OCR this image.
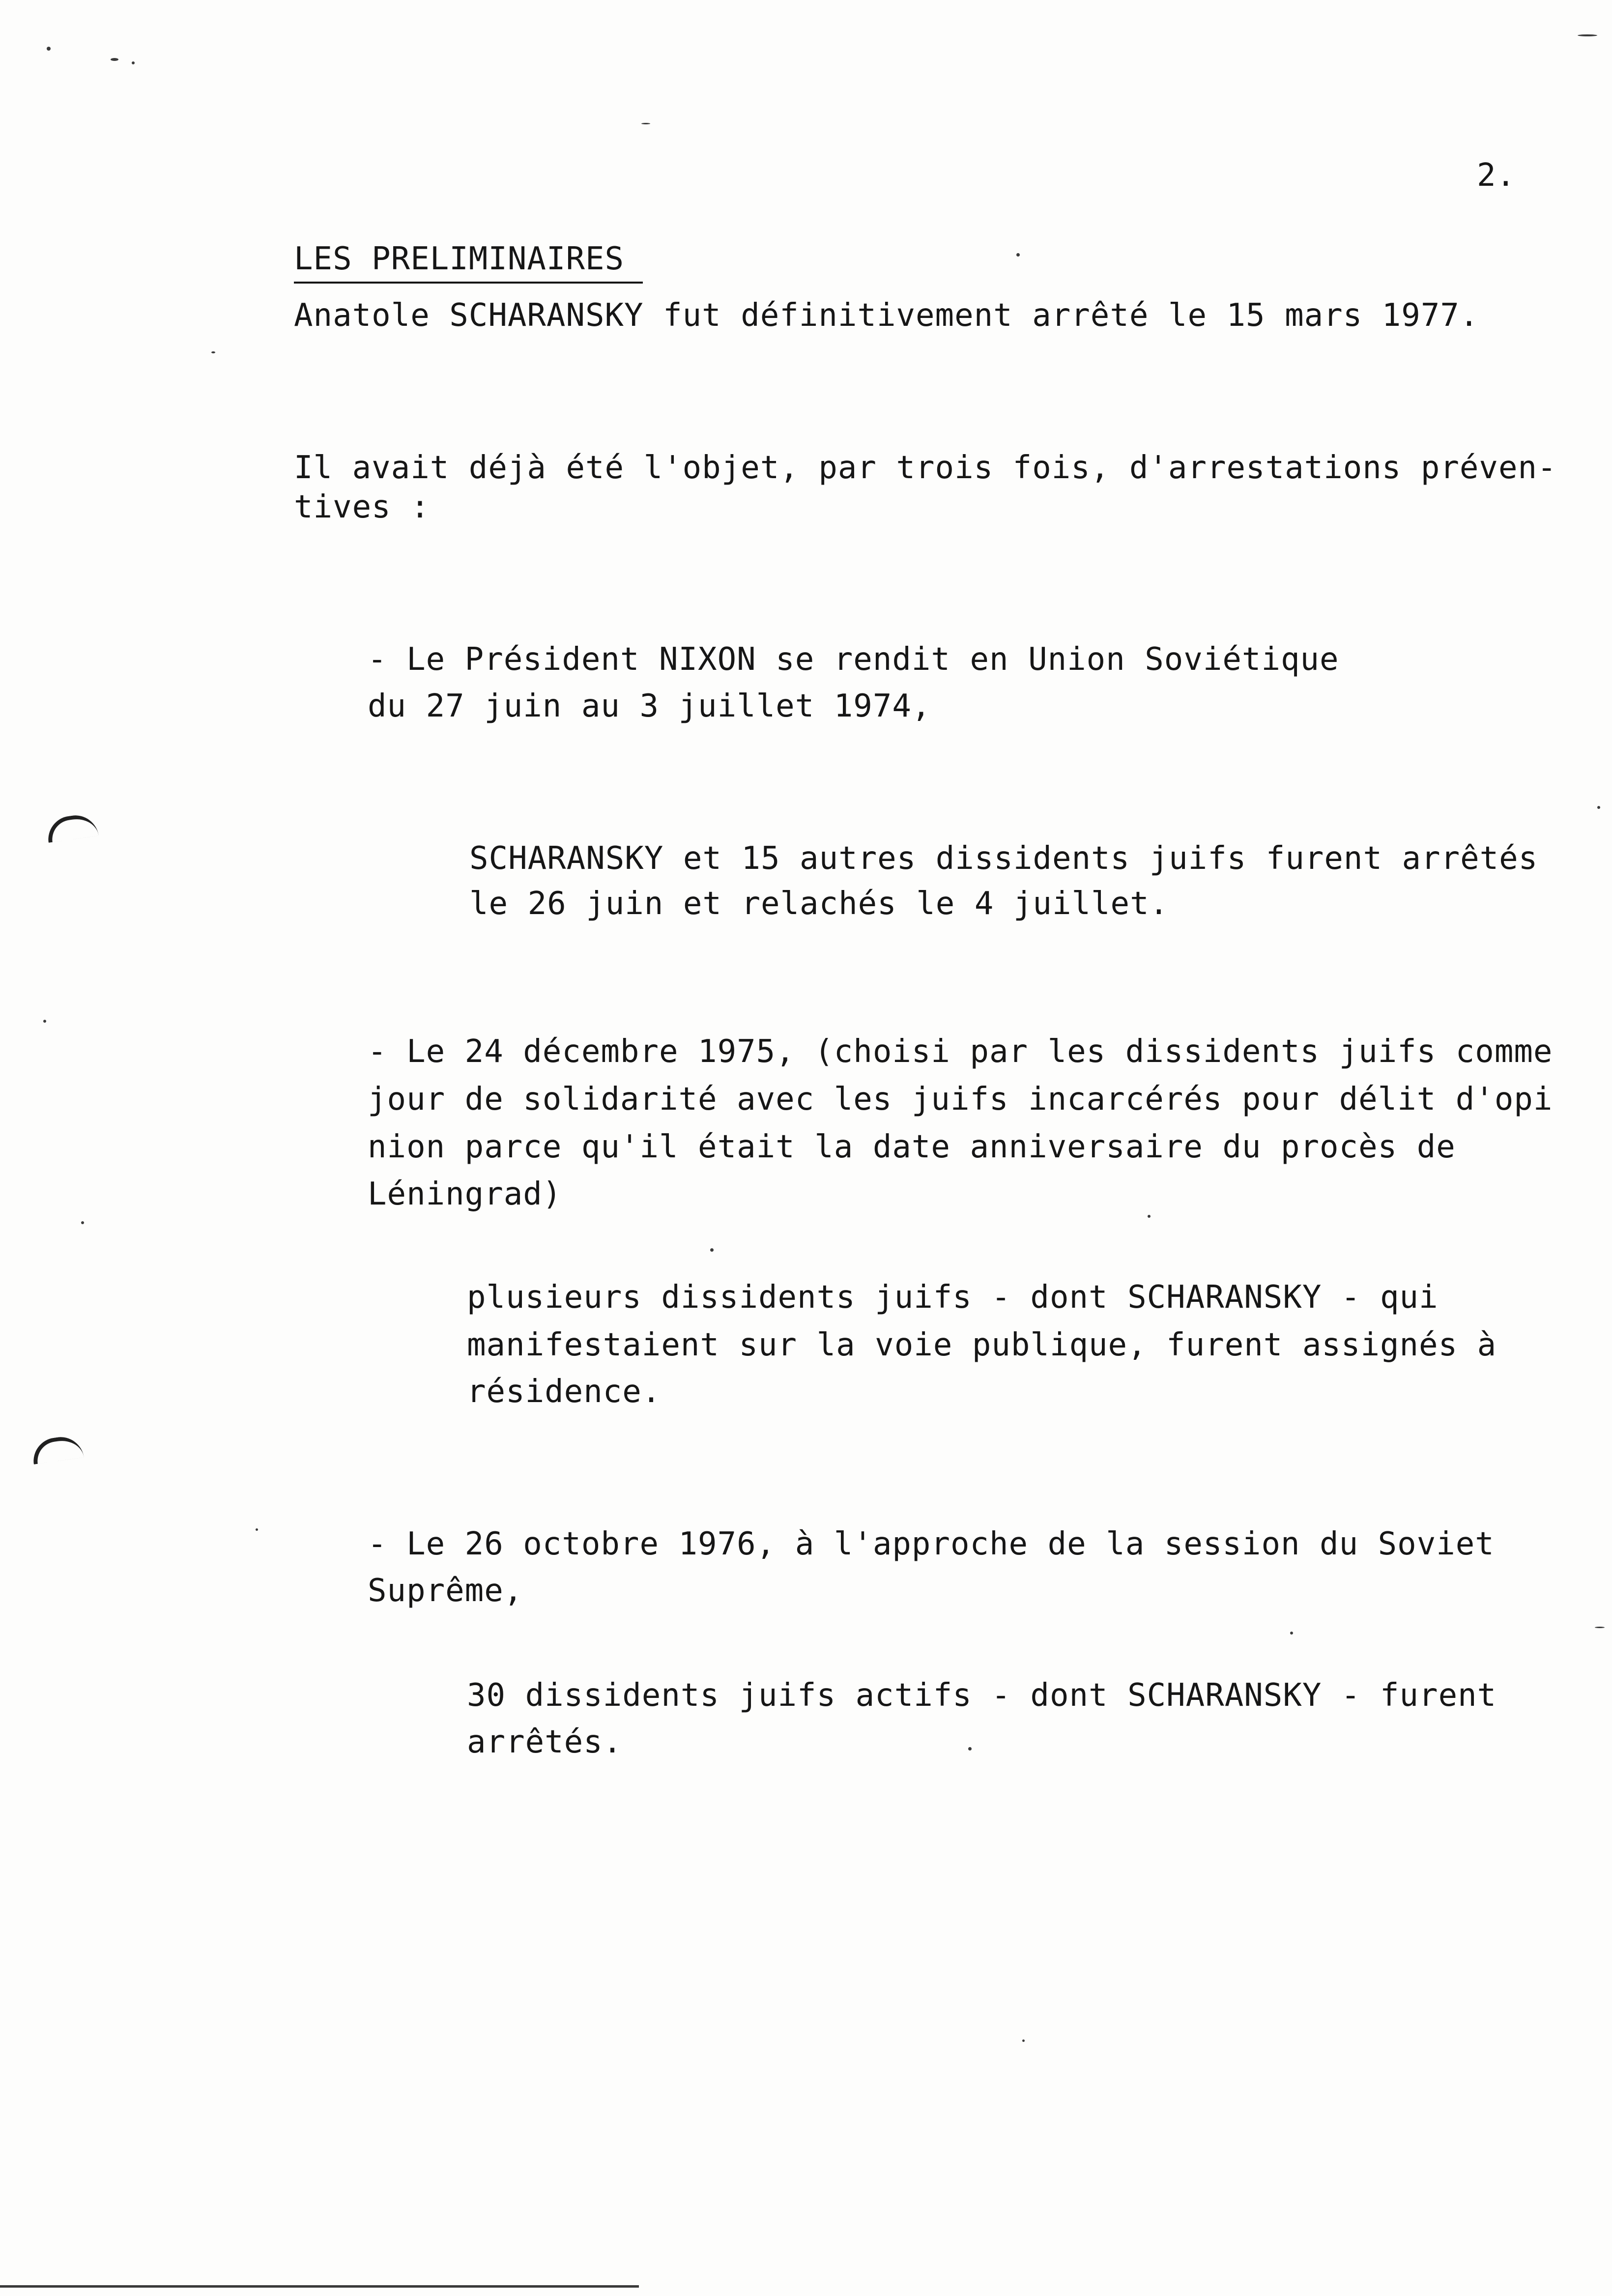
2.
LES PRELIMINAIRES
Anatole SCHARANSKY fut définitivement arrêté le 15 mars 1977.
Il avait déjà été l'objet, par trois fois, d'arrestations préven-
tives :
- Le Président NIXON se rendit en Union Soviétique
du 27 juin au 3 juillet 1974,
SCHARANSKY et 15 autres dissidents juifs furent arrêtés
le 26 juin et relachés le 4 juillet.
- Le 24 décembre 1975, (choisi par les dissidents juifs comme
jour de solidarité avec les juifs incarcérés pour délit d'opi
nion parce qu'il était la date anniversaire du procès de
Léningrad)
plusieurs dissidents juifs - dont SCHARANSKY - qui
manifestaient sur la voie publique, furent assignés à
résidence.
- Le 26 octobre 1976, à l'approche de la session du Soviet
Suprême,
30 dissidents juifs actifs - dont SCHARANSKY - furent
arrêtés.
